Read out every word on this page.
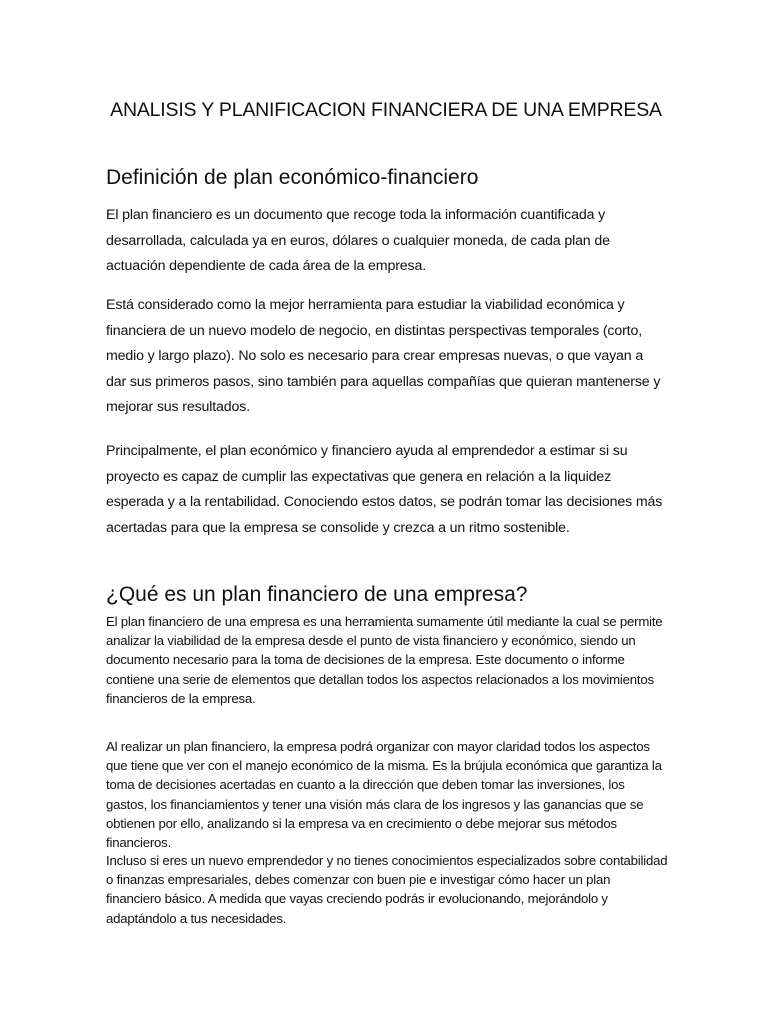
ANALISIS Y PLANIFICACION FINANCIERA DE UNA EMPRESA
Definición de plan económico-financiero

El plan financiero es un documento que recoge toda la información cuantificada y desarrollada, calculada ya en euros, dólares o cualquier moneda, de cada plan de actuación dependiente de cada área de la empresa.

Está considerado como la mejor herramienta para estudiar la viabilidad económica y financiera de un nuevo modelo de negocio, en distintas perspectivas temporales (corto, medio y largo plazo). No solo es necesario para crear empresas nuevas, o que vayan a dar sus primeros pasos, sino también para aquellas compañías que quieran mantenerse y mejorar sus resultados.

Principalmente, el plan económico y financiero ayuda al emprendedor a estimar si su proyecto es capaz de cumplir las expectativas que genera en relación a la liquidez esperada y a la rentabilidad. Conociendo estos datos, se podrán tomar las decisiones más acertadas para que la empresa se consolide y crezca a un ritmo sostenible.

¿Qué es un plan financiero de una empresa?

El plan financiero de una empresa es una herramienta sumamente útil mediante la cual se permite analizar la viabilidad de la empresa desde el punto de vista financiero y económico, siendo un documento necesario para la toma de decisiones de la empresa. Este documento o informe contiene una serie de elementos que detallan todos los aspectos relacionados a los movimientos financieros de la empresa.

Al realizar un plan financiero, la empresa podrá organizar con mayor claridad todos los aspectos que tiene que ver con el manejo económico de la misma. Es la brújula económica que garantiza la toma de decisiones acertadas en cuanto a la dirección que deben tomar las inversiones, los gastos, los financiamientos y tener una visión más clara de los ingresos y las ganancias que se obtienen por ello, analizando si la empresa va en crecimiento o debe mejorar sus métodos financieros.

Incluso si eres un nuevo emprendedor y no tienes conocimientos especializados sobre contabilidad o finanzas empresariales, debes comenzar con buen pie e investigar cómo hacer un plan financiero básico. A medida que vayas creciendo podrás ir evolucionando, mejorándolo y adaptándolo a tus necesidades.
